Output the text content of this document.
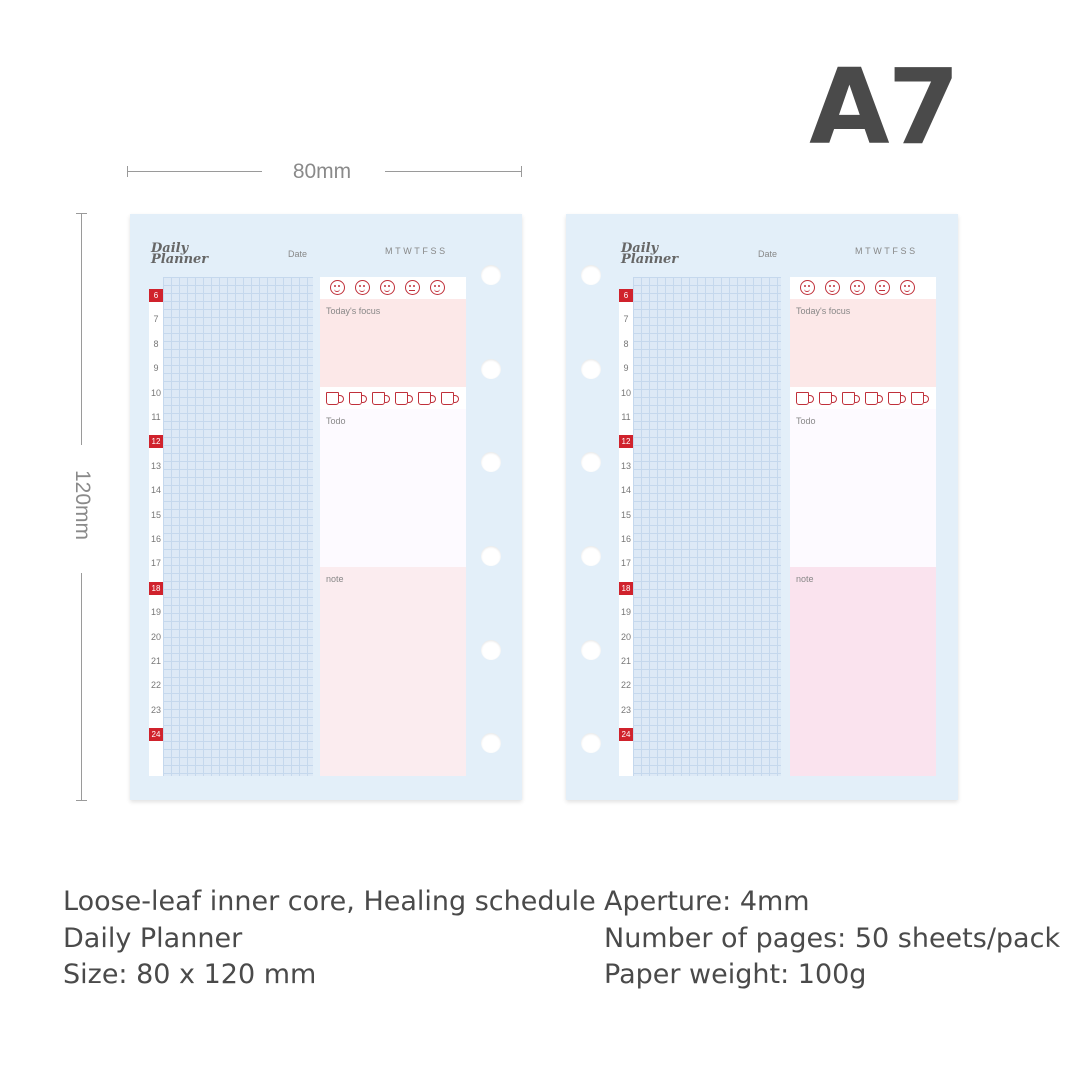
A7
80mm
120mm
Daily
Planner	Date	MTWTFSS
6
7
8
9
10
11
12
13
14
15
16
17
18
19
20
21
22
23
24
Today's focus
Todo
note
Daily
Planner	Date	MTWTFSS
6
7
8
9
10
11
12
13
14
15
16
17
18
19
20
21
22
23
24
Today's focus
Todo
note
Loose-leaf inner core, Healing schedule
Daily Planner
Size: 80 x 120 mm
Aperture: 4mm
Number of pages: 50 sheets/pack
Paper weight: 100g
